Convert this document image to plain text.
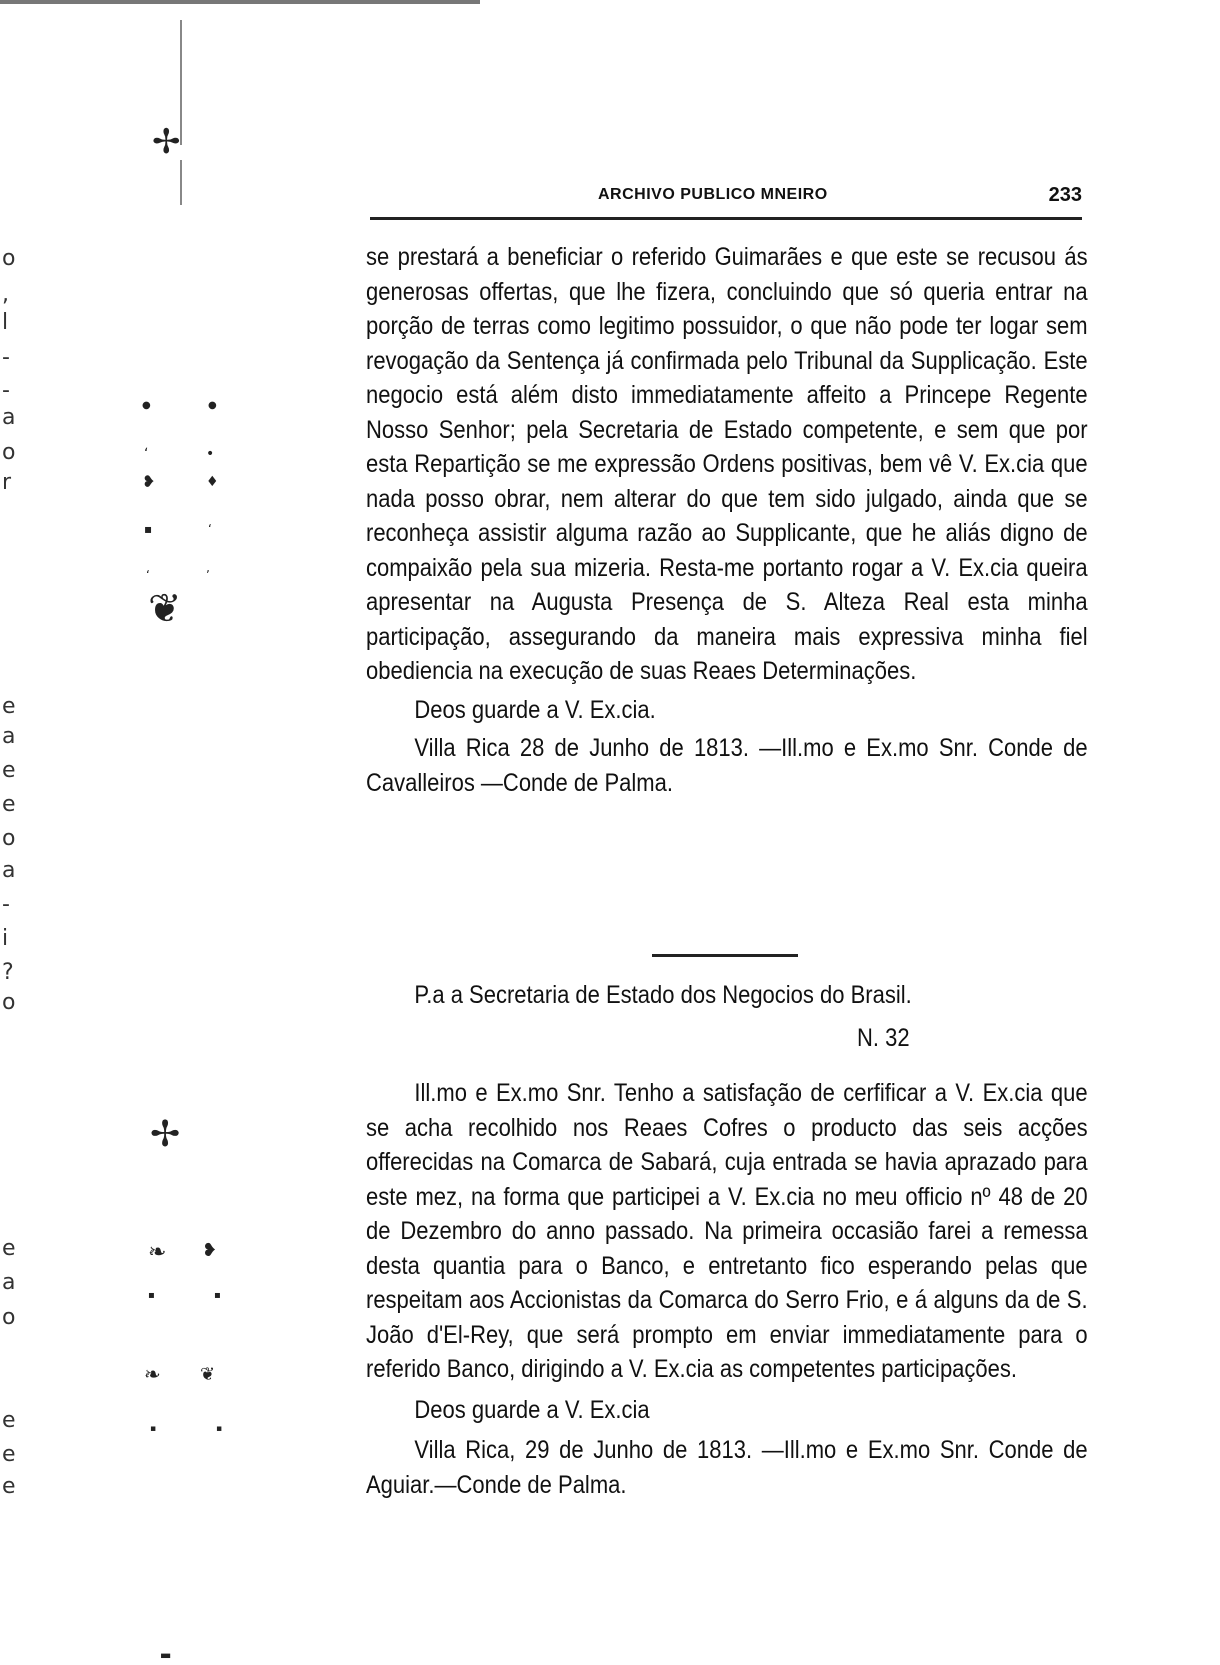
o
,
l
-
-
a
o
r
e
a
e
e
o
a
-
i
?
o
e
a
o
e
e
e
✢
●	●
ʻ	•
❥	♦
▪	ʻ
ʻ	ʼ
❦
✢
❧ ❥
▪	▪
❧ ❦
▪	▪
▬
ARCHIVO PUBLICO MNEIRO	233

se prestará a beneficiar o referido Guimarães e que este se recusou ás generosas offertas, que lhe fizera, concluindo que só queria entrar na porção de terras como legitimo possuidor, o que não pode ter logar sem revogação da Sentença já confirmada pelo Tribunal da Supplicação. Este negocio está além disto immediatamente affeito a Princepe Regente Nosso Senhor; pela Secretaria de Estado competente, e sem que por esta Repartição se me expressão Ordens positivas, bem vê V. Ex.cia que nada posso obrar, nem alterar do que tem sido julgado, ainda que se reconheça assistir alguma razão ao Supplicante, que he aliás digno de compaixão pela sua mizeria. Resta-me portanto rogar a V. Ex.cia queira apresentar na Augusta Presença de S. Alteza Real esta minha participação, assegurando da maneira mais expressiva minha fiel obediencia na execução de suas Reaes Determinações.

Deos guarde a V. Ex.cia.

Villa Rica 28 de Junho de 1813. —Ill.mo e Ex.mo Snr. Conde de Cavalleiros —Conde de Palma.

P.a a Secretaria de Estado dos Negocios do Brasil.

N. 32

Ill.mo e Ex.mo Snr. Tenho a satisfação de cerfificar a V. Ex.cia que se acha recolhido nos Reaes Cofres o producto das seis acções offerecidas na Comarca de Sabará, cuja entrada se havia aprazado para este mez, na forma que participei a V. Ex.cia no meu officio nº 48 de 20 de Dezembro do anno passado. Na primeira occasião farei a remessa desta quantia para o Banco, e entretanto fico esperando pelas que respeitam aos Accionistas da Comarca do Serro Frio, e á alguns da de S. João d'El-Rey, que será prompto em enviar immediatamente para o referido Banco, dirigindo a V. Ex.cia as competentes participações.

Deos guarde a V. Ex.cia

Villa Rica, 29 de Junho de 1813. —Ill.mo e Ex.mo Snr. Conde de Aguiar.—Conde de Palma.
